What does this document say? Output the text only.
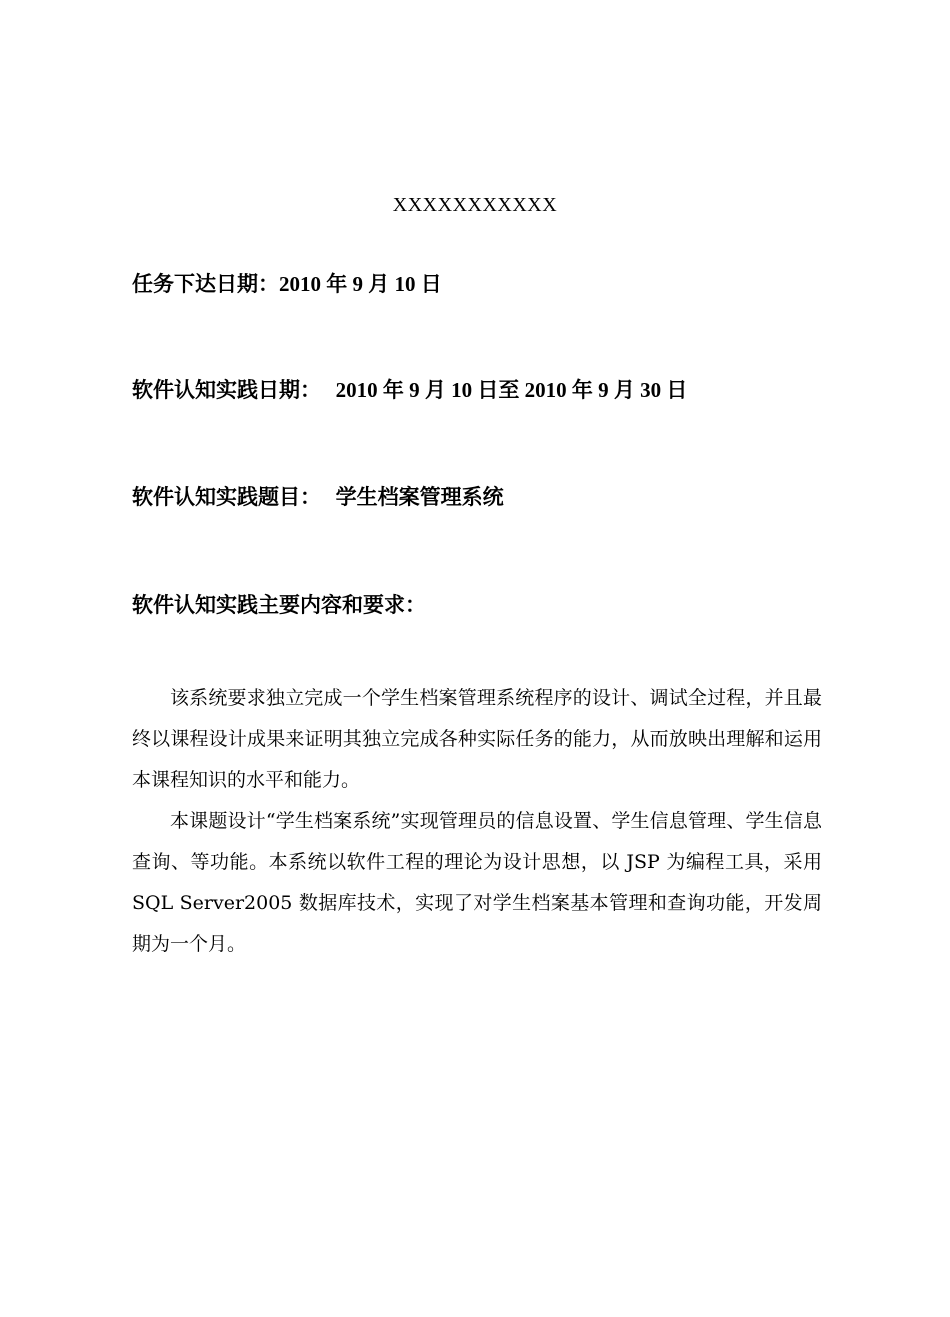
XXXXXXXXXXX
任务下达日期：2010 年 9 月 10 日
软件认知实践日期： 2010 年 9 月 10 日至 2010 年 9 月 30 日
软件认知实践题目： 学生档案管理系统
软件认知实践主要内容和要求：

该系统要求独立完成一个学生档案管理系统程序的设计、调试全过程，并且最终以课程设计成果来证明其独立完成各种实际任务的能力，从而放映出理解和运用本课程知识的水平和能力。

本课题设计“学生档案系统”实现管理员的信息设置、学生信息管理、学生信息查询、等功能。本系统以软件工程的理论为设计思想，以 JSP 为编程工具，采用 SQL Server2005 数据库技术，实现了对学生档案基本管理和查询功能，开发周期为一个月。
